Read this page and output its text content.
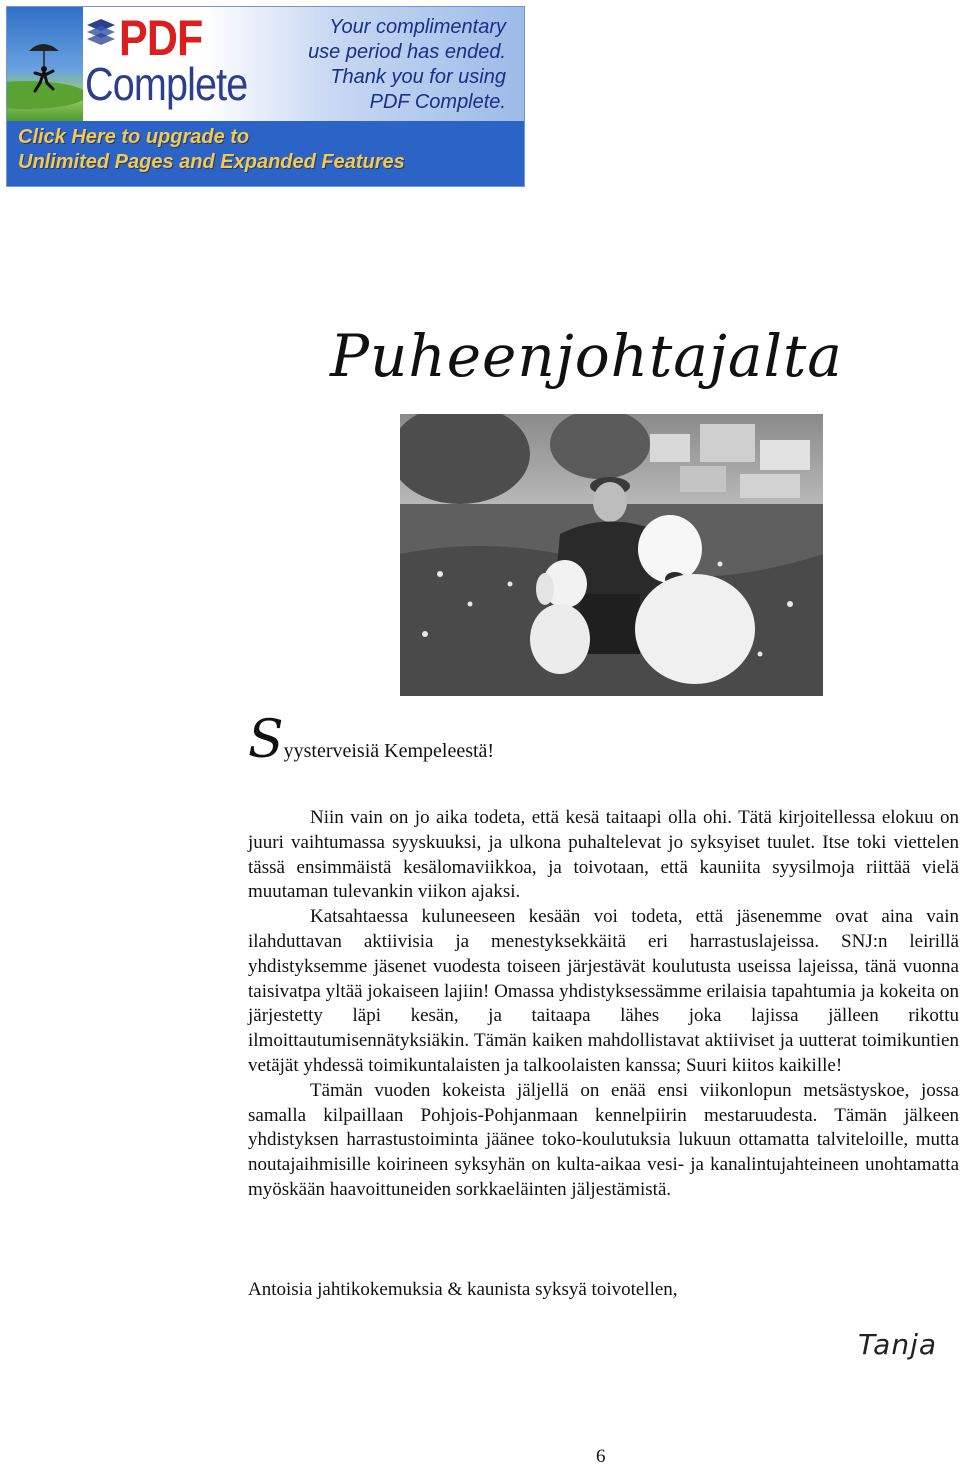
PDF
Complete
Your complimentary
use period has ended.
Thank you for using
PDF Complete.
Click Here to upgrade to
Unlimited Pages and Expanded Features
Puheenjohtajalta

Syysterveisiä Kempeleestä!

Niin vain on jo aika todeta, että kesä taitaapi olla ohi. Tätä kirjoitellessa elokuu on juuri vaihtumassa syyskuuksi, ja ulkona puhaltelevat jo syksyiset tuulet. Itse toki viettelen tässä ensimmäistä kesälomaviikkoa, ja toivotaan, että kauniita syysilmoja riittää vielä muutaman tulevankin viikon ajaksi.

Katsahtaessa kuluneeseen kesään voi todeta, että jäsenemme ovat aina vain ilahduttavan aktiivisia ja menestyksekkäitä eri harrastuslajeissa. SNJ:n leirillä yhdistyksemme jäsenet vuodesta toiseen järjestävät koulutusta useissa lajeissa, tänä vuonna taisivatpa yltää jokaiseen lajiin! Omassa yhdistyksessämme erilaisia tapahtumia ja kokeita on järjestetty läpi kesän, ja taitaapa lähes joka lajissa jälleen rikottu ilmoittautumisennätyksiäkin. Tämän kaiken mahdollistavat aktiiviset ja uutterat toimikuntien vetäjät yhdessä toimikuntalaisten ja talkoolaisten kanssa; Suuri kiitos kaikille!

Tämän vuoden kokeista jäljellä on enää ensi viikonlopun metsästyskoe, jossa samalla kilpaillaan Pohjois-Pohjanmaan kennelpiirin mestaruudesta. Tämän jälkeen yhdistyksen harrastustoiminta jäänee toko-koulutuksia lukuun ottamatta talviteloille, mutta noutajaihmisille koirineen syksyhän on kulta-aikaa vesi- ja kanalintujahteineen unohtamatta myöskään haavoittuneiden sorkkaeläinten jäljestämistä.

Antoisia jahtikokemuksia & kaunista syksyä toivotellen,

Tanja
6
